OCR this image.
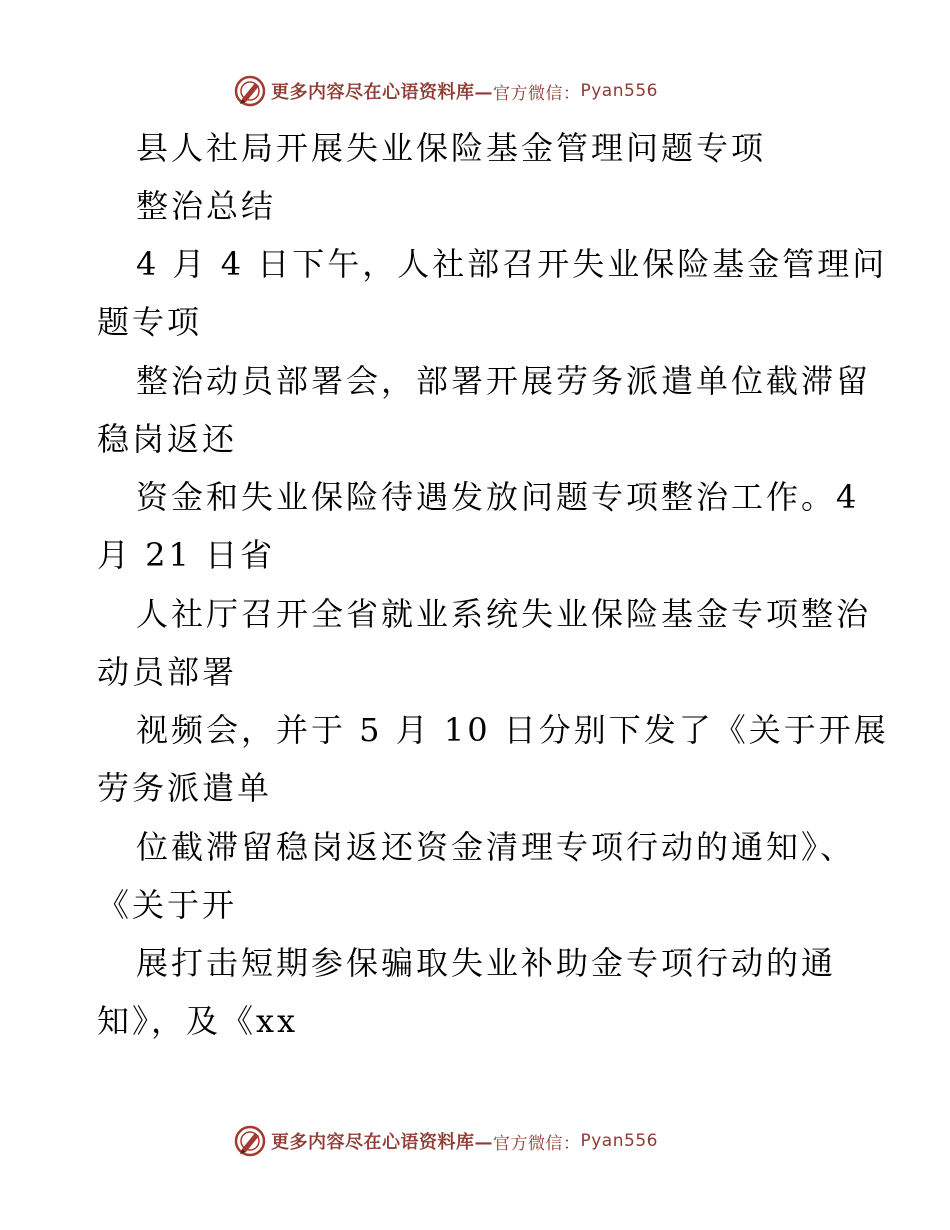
更多内容尽在心语资料库— 官方微信： Pyan556
县人社局开展失业保险基金管理问题专项
整治总结
4 月 4 日下午，人社部召开失业保险基金管理问
题专项
整治动员部署会，部署开展劳务派遣单位截滞留
稳岗返还
资金和失业保险待遇发放问题专项整治工作。4
月 21 日省
人社厅召开全省就业系统失业保险基金专项整治
动员部署
视频会，并于 5 月 10 日分别下发了《关于开展
劳务派遣单
位截滞留稳岗返还资金清理专项行动的通知》、
《关于开
展打击短期参保骗取失业补助金专项行动的通
知》，及《xx
更多内容尽在心语资料库— 官方微信： Pyan556
